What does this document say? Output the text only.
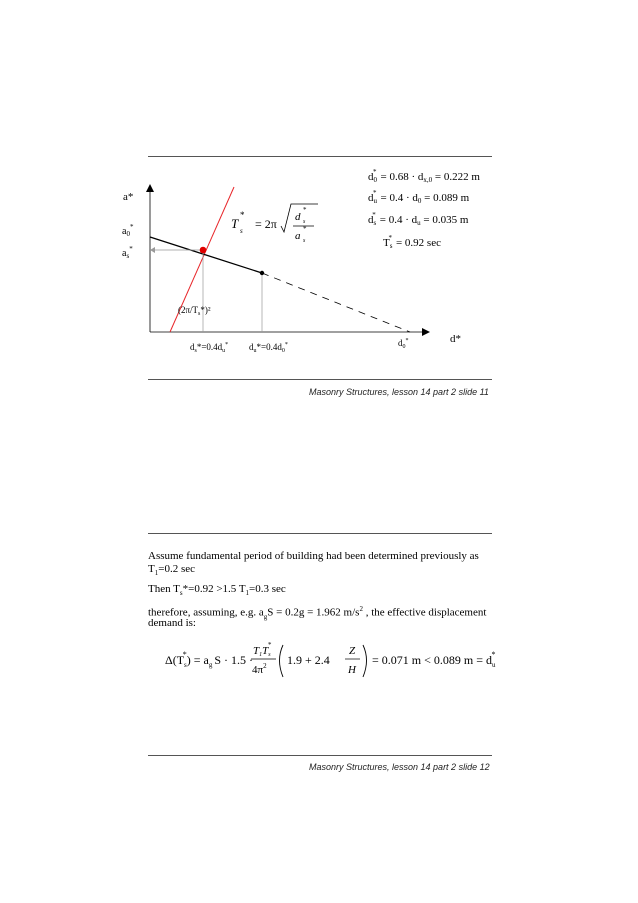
a*
d*
$a_0^*$
$a_s^*$
$(2\pi/T_s*)^2$
$d_s*=0.4d_u^*$ $d_u*=0.4d_0^*$	$d_0^*$
T s
*
= 2π d s
*
a s
*
d0* = 0.68 · dx,0 = 0.222 m
du* = 0.4 · d0 = 0.089 m
ds* = 0.4 · du = 0.035 m
Ts* = 0.92 sec
Masonry Structures, lesson 14 part 2 slide 11
Assume fundamental period of building had been determined previously as
$T_1=0.2$ sec
Then $T_s*=0.92 >1.5$ $T_1=0.3$ sec
therefore, assuming, e.g. $a_gS = 0.2g = 1.962$ $m/s^2$ , the effective displacement
demand is:
$\Delta(T_s*) = a_g$ S · 1.5 ·
T1Ts*
$4\pi^2$ 1.9 + 2.4
Z
H
= 0.071 m < 0.089 $m = d_u*$
Masonry Structures, lesson 14 part 2 slide 12
